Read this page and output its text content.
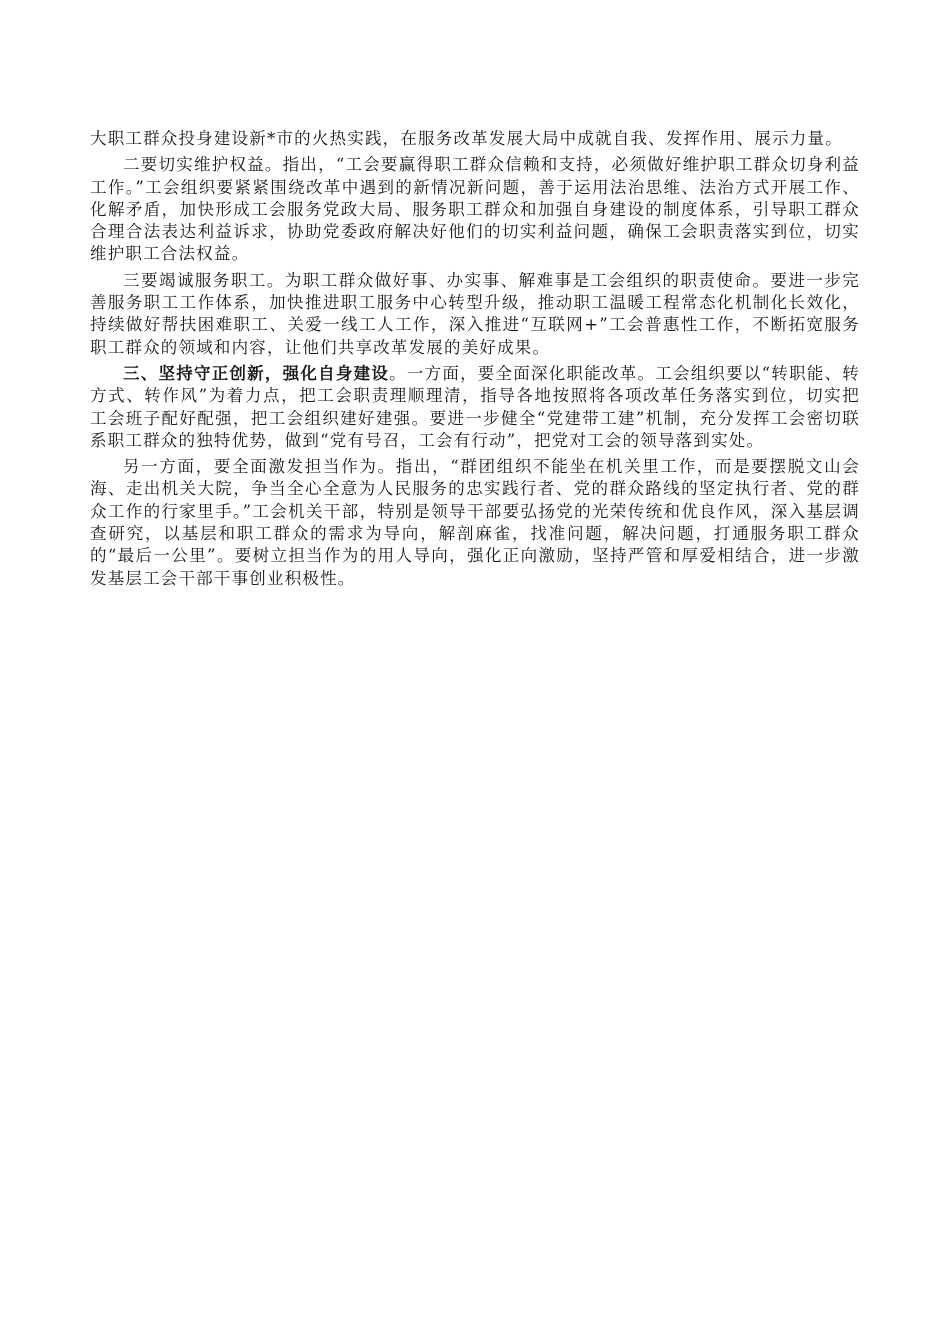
大职工群众投身建设新*市的火热实践，在服务改革发展大局中成就自我、发挥作用、展示力量。

二要切实维护权益。指出，“工会要赢得职工群众信赖和支持，必须做好维护职工群众切身利益工作。”工会组织要紧紧围绕改革中遇到的新情况新问题，善于运用法治思维、法治方式开展工作、化解矛盾，加快形成工会服务党政大局、服务职工群众和加强自身建设的制度体系，引导职工群众合理合法表达利益诉求，协助党委政府解决好他们的切实利益问题，确保工会职责落实到位，切实维护职工合法权益。

三要竭诚服务职工。为职工群众做好事、办实事、解难事是工会组织的职责使命。要进一步完善服务职工工作体系，加快推进职工服务中心转型升级，推动职工温暖工程常态化机制化长效化，持续做好帮扶困难职工、关爱一线工人工作，深入推进“互联网+”工会普惠性工作，不断拓宽服务职工群众的领域和内容，让他们共享改革发展的美好成果。

三、坚持守正创新，强化自身建设。一方面，要全面深化职能改革。工会组织要以“转职能、转方式、转作风”为着力点，把工会职责理顺理清，指导各地按照将各项改革任务落实到位，切实把工会班子配好配强，把工会组织建好建强。要进一步健全“党建带工建”机制，充分发挥工会密切联系职工群众的独特优势，做到“党有号召，工会有行动”，把党对工会的领导落到实处。

另一方面，要全面激发担当作为。指出，“群团组织不能坐在机关里工作，而是要摆脱文山会海、走出机关大院，争当全心全意为人民服务的忠实践行者、党的群众路线的坚定执行者、党的群众工作的行家里手。”工会机关干部，特别是领导干部要弘扬党的光荣传统和优良作风，深入基层调查研究，以基层和职工群众的需求为导向，解剖麻雀，找准问题，解决问题，打通服务职工群众的“最后一公里”。要树立担当作为的用人导向，强化正向激励，坚持严管和厚爱相结合，进一步激发基层工会干部干事创业积极性。
